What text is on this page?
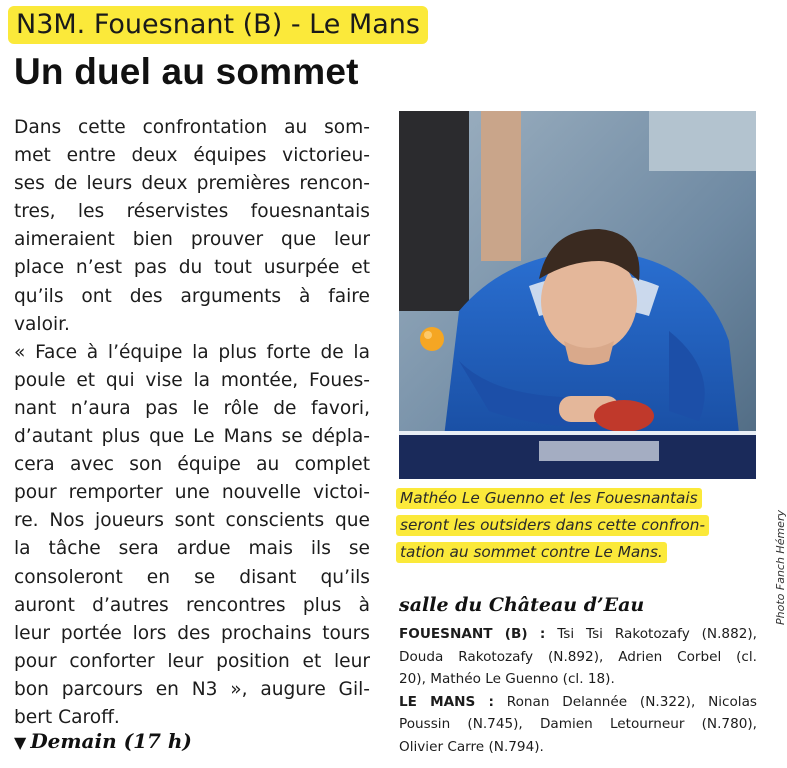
N3M. Fouesnant (B) - Le Mans
Un duel au sommet
Dans cette confrontation au som-
met entre deux équipes victorieu-
ses de leurs deux premières rencon-
tres, les réservistes fouesnantais
aimeraient bien prouver que leur
place n’est pas du tout usurpée et
qu’ils ont des arguments à faire
valoir.
« Face à l’équipe la plus forte de la
poule et qui vise la montée, Foues-
nant n’aura pas le rôle de favori,
d’autant plus que Le Mans se dépla-
cera avec son équipe au complet
pour remporter une nouvelle victoi-
re. Nos joueurs sont conscients que
la tâche sera ardue mais ils se
consoleront en se disant qu’ils
auront d’autres rencontres plus à
leur portée lors des prochains tours
pour conforter leur position et leur
bon parcours en N3 », augure Gil-
bert Caroff.
▼ Demain (17 h)
Photo Fanch Hémery
Mathéo Le Guenno et les Fouesnantais
seront les outsiders dans cette confron-
tation au sommet contre Le Mans.
salle du Château d’Eau
FOUESNANT (B) : Tsi Tsi Rakotozafy (N.882),
Douda Rakotozafy (N.892), Adrien Corbel (cl.
20), Mathéo Le Guenno (cl. 18).
LE MANS : Ronan Delannée (N.322), Nicolas
Poussin (N.745), Damien Letourneur (N.780),
Olivier Carre (N.794).
